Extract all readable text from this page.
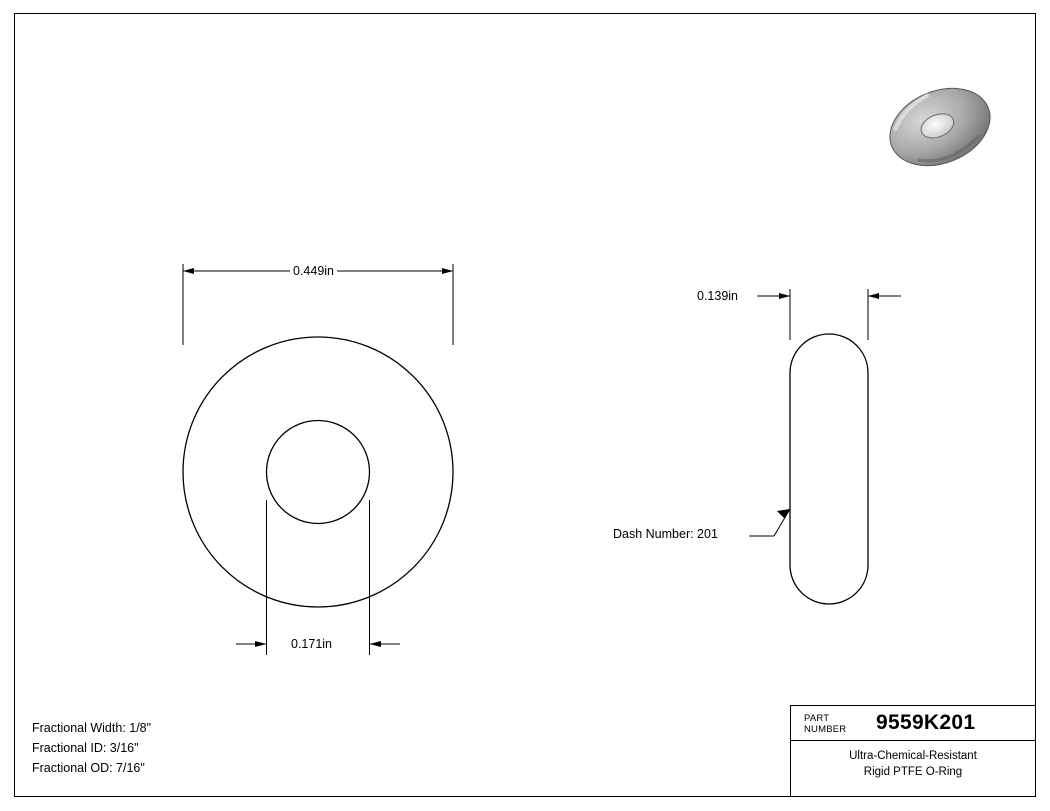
0.449in
0.171in
0.139in
Dash Number: 201
Fractional Width: 1/8"
Fractional ID: 3/16"
Fractional OD: 7/16"
PART
NUMBER 9559K201
Ultra-Chemical-Resistant
Rigid PTFE O-Ring
